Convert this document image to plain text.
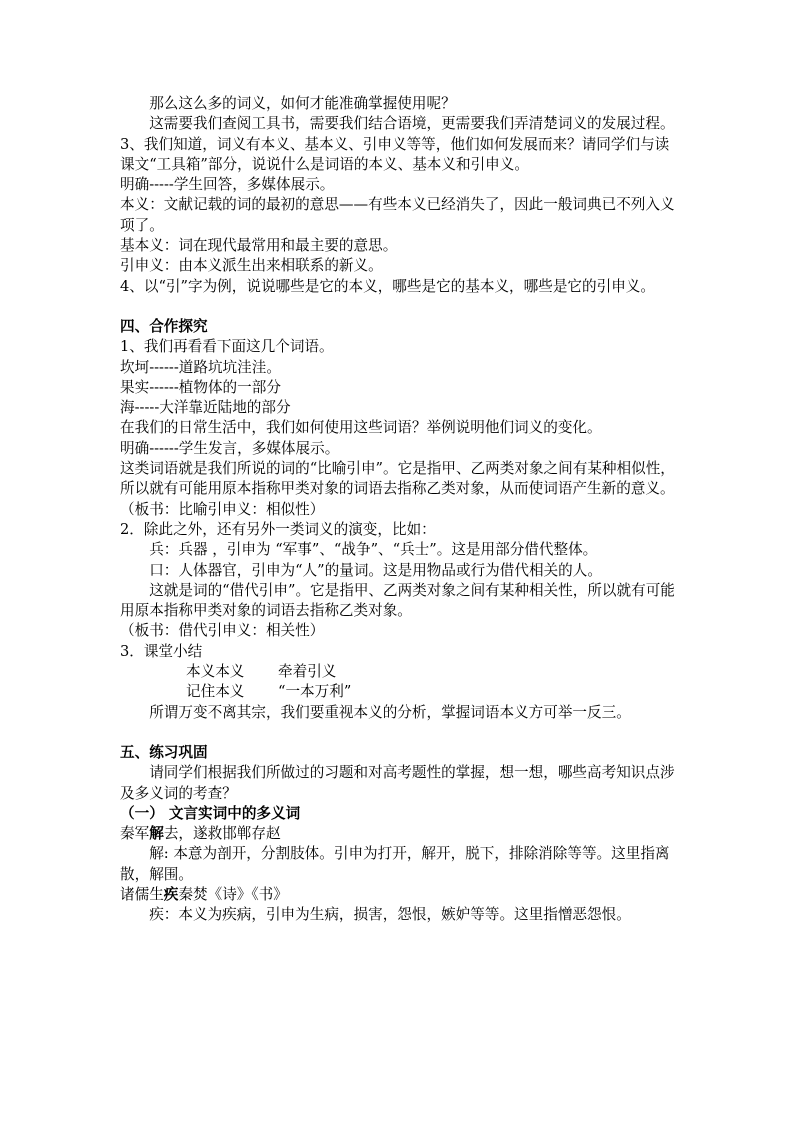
那么这么多的词义，如何才能准确掌握使用呢？

这需要我们查阅工具书，需要我们结合语境，更需要我们弄清楚词义的发展过程。

3、我们知道，词义有本义、基本义、引申义等等，他们如何发展而来？请同学们与读课文“工具箱”部分，说说什么是词语的本义、基本义和引申义。

明确-----学生回答，多媒体展示。

本义：文献记载的词的最初的意思——有些本义已经消失了，因此一般词典已不列入义项了。

基本义：词在现代最常用和最主要的意思。

引申义：由本义派生出来相联系的新义。

4、以“引”字为例，说说哪些是它的本义，哪些是它的基本义，哪些是它的引申义。

四、合作探究

1、我们再看看下面这几个词语。

坎坷------道路坑坑洼洼。

果实------植物体的一部分

海-----大洋靠近陆地的部分

在我们的日常生活中，我们如何使用这些词语？举例说明他们词义的变化。

明确------学生发言，多媒体展示。

这类词语就是我们所说的词的“比喻引申”。它是指甲、乙两类对象之间有某种相似性，所以就有可能用原本指称甲类对象的词语去指称乙类对象，从而使词语产生新的意义。

（板书：比喻引申义：相似性）

2．除此之外，还有另外一类词义的演变，比如：

兵：兵器 ，引申为 “军事”、“战争”、“兵士”。这是用部分借代整体。

口：人体器官，引申为“人”的量词。这是用物品或行为借代相关的人。

这就是词的“借代引申”。它是指甲、乙两类对象之间有某种相关性，所以就有可能用原本指称甲类对象的词语去指称乙类对象。

（板书：借代引申义：相关性）

3．课堂小结

本义本义 牵着引义

记住本义 “一本万利”

所谓万变不离其宗，我们要重视本义的分析，掌握词语本义方可举一反三。

五、练习巩固

请同学们根据我们所做过的习题和对高考题性的掌握，想一想，哪些高考知识点涉及多义词的考查？

（一） 文言实词中的多义词

秦军解去，遂救邯郸存赵

解: 本意为剖开，分割肢体。引申为打开，解开，脱下，排除消除等等。这里指离散，解围。

诸儒生疾秦焚《诗》《书》

疾：本义为疾病，引申为生病，损害，怨恨，嫉妒等等。这里指憎恶怨恨。
